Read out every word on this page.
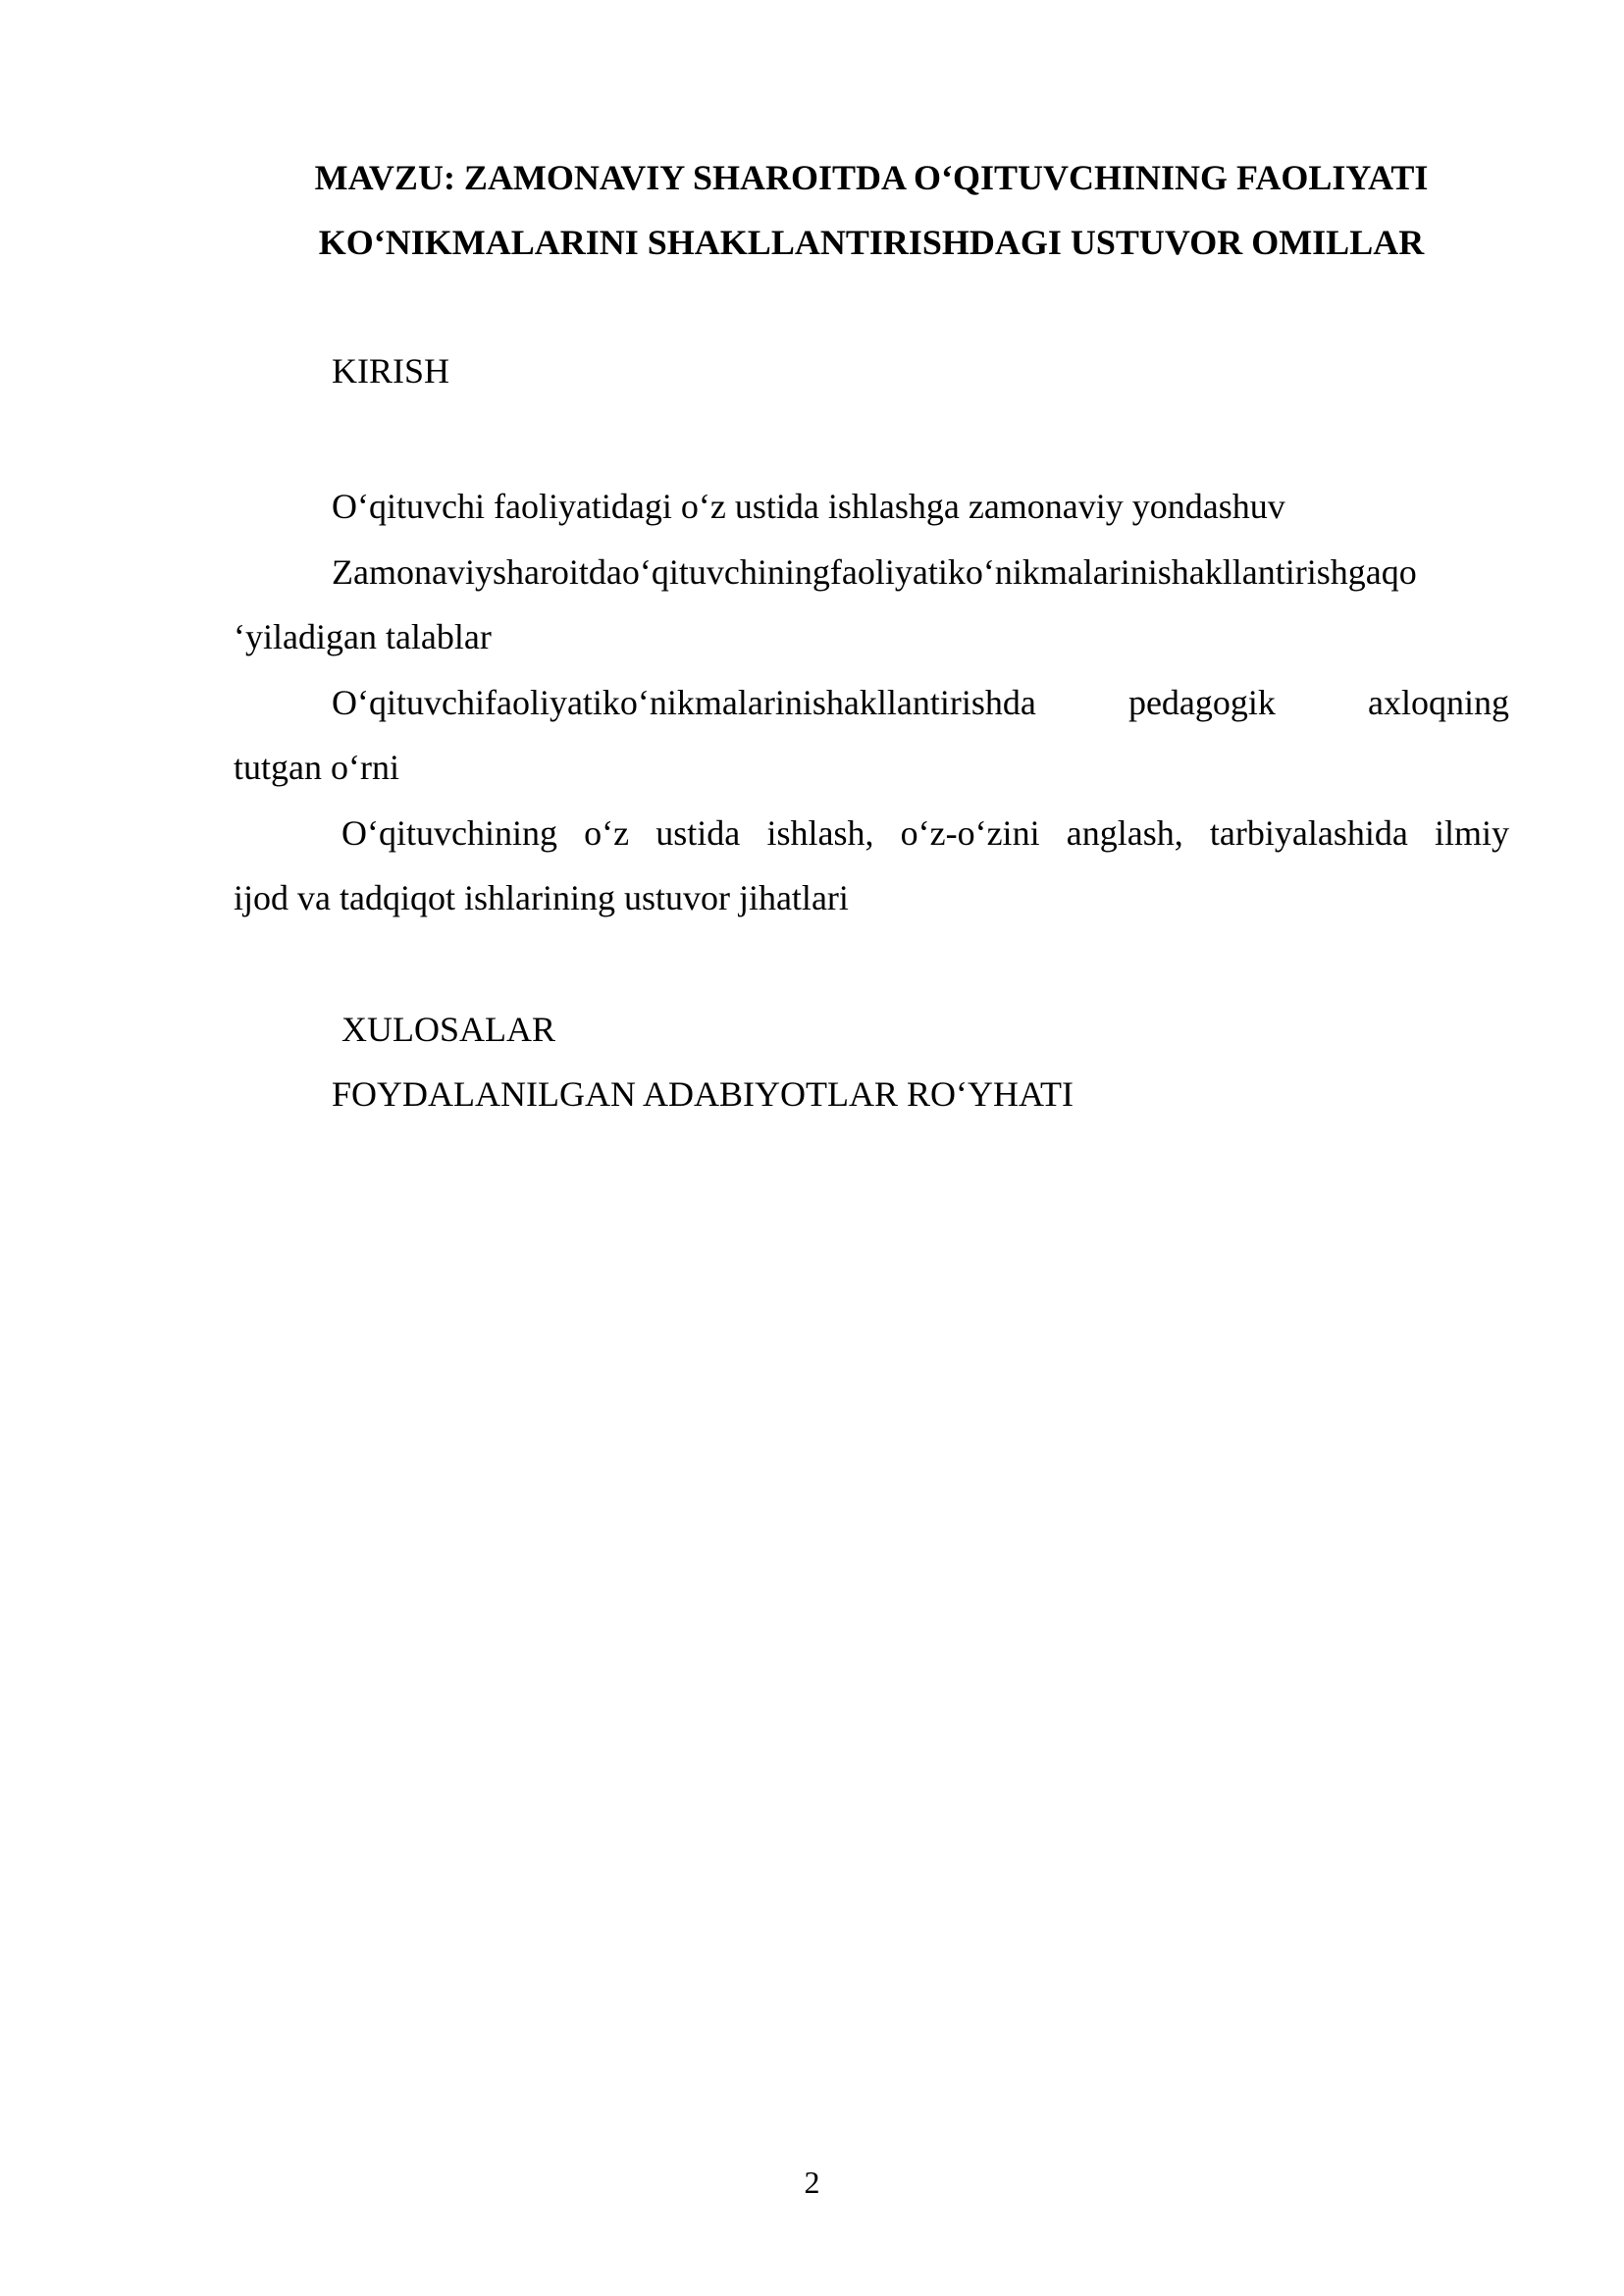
MAVZU: ZAMONAVIY SHAROITDA O‘QITUVCHINING FAOLIYATI
KO‘NIKMALARINI SHAKLLANTIRISHDAGI USTUVOR OMILLAR
KIRISH
O‘qituvchi faoliyatidagi o‘z ustida ishlashga zamonaviy yondashuv
Zamonaviysharoitdao‘qituvchiningfaoliyatiko‘nikmalarinishakllantirishgaqo
‘yiladigan talablar
O‘qituvchifaoliyatiko‘nikmalarinishakllantirishda	pedagogik	axloqning
tutgan o‘rni
O‘qituvchining o‘z ustida ishlash, o‘z-o‘zini anglash, tarbiyalashida ilmiy
ijod va tadqiqot ishlarining ustuvor jihatlari
XULOSALAR
FOYDALANILGAN ADABIYOTLAR RO‘YHATI
2
